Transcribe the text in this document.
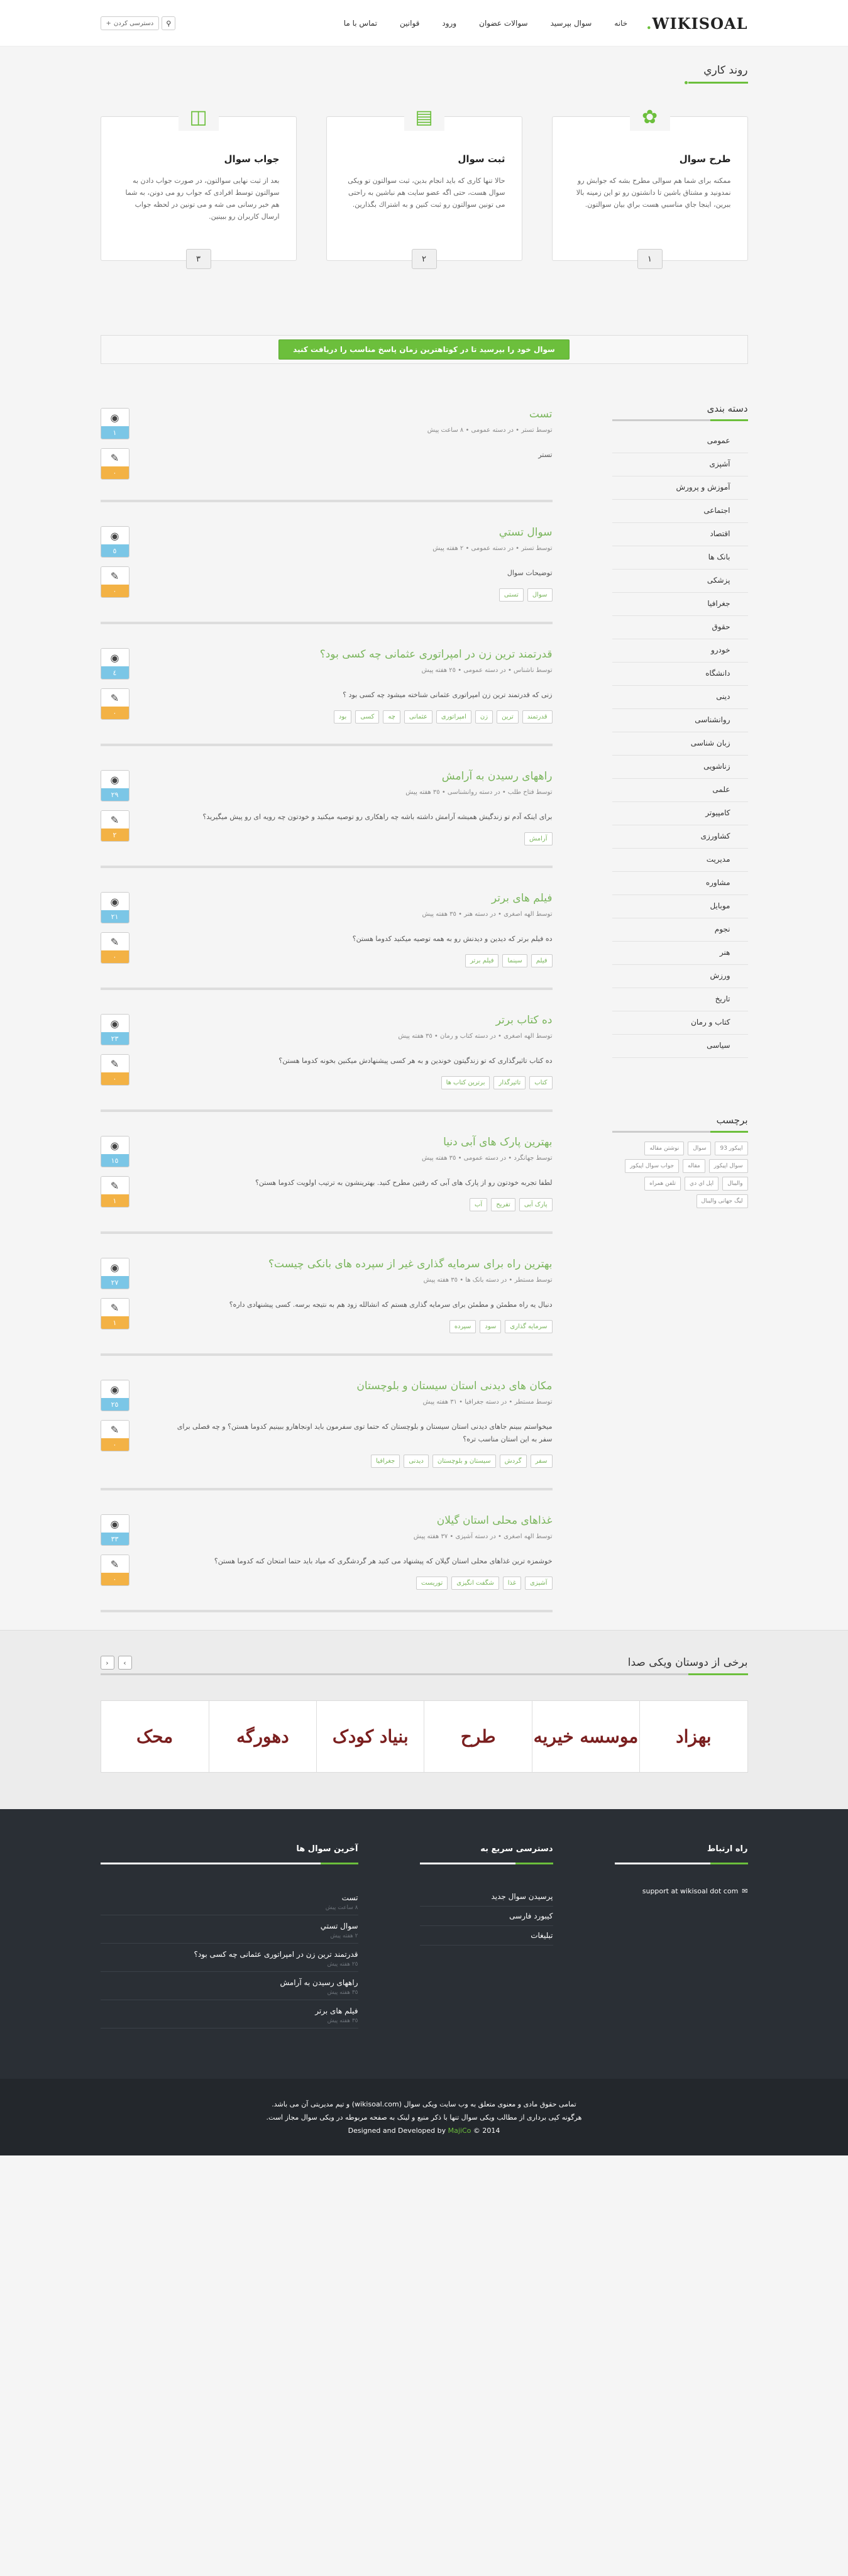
WIKISOAL.
خانه
سوال بپرسيد
سوالات عضوان
ورود
قوانين
تماس با ما
⚲
دسترسی کردن
+
روند كاري
✿
طرح سوال

ممكنه براى شما هم سوالى مطرح بشه كه جوابش رو نمدونيد و مشتاق باشين تا دانشتون رو تو اين زمينه بالا ببرين، اينجا جاي مناسبي هست براي بيان سوالتون.

١
▤
ثبت سوال

حالا تنها كارى كه بايد انجام بدين، ثبت سوالتون تو ويكى سوال هست، حتى اگه عضو سايت هم نباشين به راحتى مى تونين سوالتون رو ثبت كنين و به اشتراك بگذارين.

٢
◫
جواب سوال

بعد از ثبت نهايى سوالتون، در صورت جواب دادن به سوالتون توسط افرادى كه جواب رو مى دونن، به شما هم خبر رسانى مى شه و مى تونين در لحظه جواب ارسال كاربران رو ببينين.

٣
سوال خود را بپرسید تا در كوتاهترين زمان پاسخ مناسب را دريافت كنيد
دسته بندى
عمومى
آشپزى
آموزش و پرورش
اجتماعى
اقتصاد
بانک ها
پزشكى
جغرافيا
حقوق
خودرو
دانشگاه
دينى
روانشناسی
زبان شناسى
زناشويى
علمى
كامپيوتر
كشاورزى
مديريت
مشاوره
موبايل
نجوم
هنر
ورزش
تاريخ
كتاب و رمان
سياسى
برچسب
اپيكور 93
سوال
نوشتن مقاله
سوال اپيكور
مقاله
جواب سوال اپيكور
واليبال
اپل اي دي
تلفن همراه
ليگ جهانى واليبال
تست
توسط تستر • در دسته عمومى • ٨ ساعت پیش
تستر
◉
١
✎
٠
سوال تستي
توسط تستر • در دسته عمومى • ٢ هفته پیش
توضيحات سوال
سوال
تستى
◉
٥
✎
٠
قدرتمند ترين زن در امپراتورى عثمانى چه كسى بود؟
توسط ناشناس • در دسته عمومى • ٢٥ هفته پیش
زنى كه قدرتمند ترين زن امپراتورى عثمانى شناخته ميشود چه كسى بود ؟
قدرتمند
ترين
زن
امپراتورى
عثمانى
چه
كسى
بود
◉
٤
✎
٠
راههاى رسيدن به آرامش
توسط فتاح طلب • در دسته روانشناسی • ٣٥ هفته پیش
براى اينكه آدم تو زندگيش هميشه آرامش داشته باشه چه راهكارى رو توصيه ميكنيد و خودتون چه رويه اى رو پيش ميگيريد؟
آرامش
◉
٢٩
✎
٢
فيلم هاى برتر
توسط الهه اصغرى • در دسته هنر • ٣٥ هفته پیش
ده فيلم برتر كه ديدين و ديدنش رو به همه توصيه ميكنيد كدوما هستن؟
فيلم
سينما
فيلم برتر
◉
٢١
✎
٠
ده كتاب برتر
توسط الهه اصغرى • در دسته كتاب و رمان • ٣٥ هفته پیش
ده كتاب تاثيرگذارى كه تو زندگيتون خوندين و به هر كسى پيشنهادش ميكنين بخونه كدوما هستن؟
كتاب
تاثيرگذار
برترين كتاب ها
◉
٢٣
✎
٠
بهترين پارک هاى آبى دنيا
توسط جهانگرد • در دسته عمومى • ٣٥ هفته پیش
لطفا تجربه خودتون رو از پارک هاى آبى كه رفتين مطرح كنيد. بهترينشون به ترتيب اولويت كدوما هستن؟
پارک آبى
تفريح
آب
◉
١٥
✎
١
بهترين راه براى سرمايه گذارى غير از سپرده هاى بانكى چيست؟
توسط مستطر • در دسته بانک ها • ٣٥ هفته پیش
دنبال يه راه مطمئن و مطمئن براى سرمايه گذارى هستم كه انشالله زود هم به نتيجه برسه. كسى پيشنهادى داره؟
سرمايه گذارى
سود
سپرده
◉
٢٧
✎
١
مكان هاى ديدنى استان سيستان و بلوچستان
توسط مستطر • در دسته جغرافيا • ٣١ هفته پیش
ميخواستم ببينم جاهاى ديدنى استان سيستان و بلوچستان كه حتما توى سفرمون بايد اونجاهارو ببينيم كدوما هستن؟ و چه فصلى براى سفر به اين استان مناسب تره؟
سفر
گردش
سيستان و بلوچستان
ديدنى
جغرافيا
◉
٢٥
✎
٠
غذاهاى محلى استان گيلان
توسط الهه اصغرى • در دسته آشپزى • ٣٧ هفته پیش
خوشمزه ترين غذاهاى محلى استان گيلان كه پيشنهاد مى كنيد هر گردشگرى كه مياد بايد حتما امتحان كنه كدوما هستن؟
آشپزى
غذا
شگفت انگيزى
توريست
◉
٣٣
✎
٠
برخى از دوستان ويكى صدا
›
‹
بهزاد
موسسه خيريه
طرح
بنياد كودک
دهورگه
محک
راه ارتباط
✉
support at wikisoal dot com
دسترسی سريع به
پرسيدن سوال جديد
كيبورد فارسى
تبليغات
آخرين سوال ها
تست
٨ ساعت پیش
سوال تستي
٢ هفته پیش
قدرتمند ترين زن در امپراتورى عثمانى چه كسى بود؟
٢٥ هفته پیش
راههاى رسيدن به آرامش
٣٥ هفته پیش
فيلم هاى برتر
٣٥ هفته پیش
تمامى حقوق مادى و معنوى متعلق به وب سايت ويكى سوال (wikisoal.com) و تيم مديريتى آن مى باشد.
هرگونه كپى بردارى از مطالب ويكى سوال تنها با ذكر منبع و لينک به صفحه مربوطه در ويكى سوال مجاز است.
Designed and Developed by MajiCo © 2014
